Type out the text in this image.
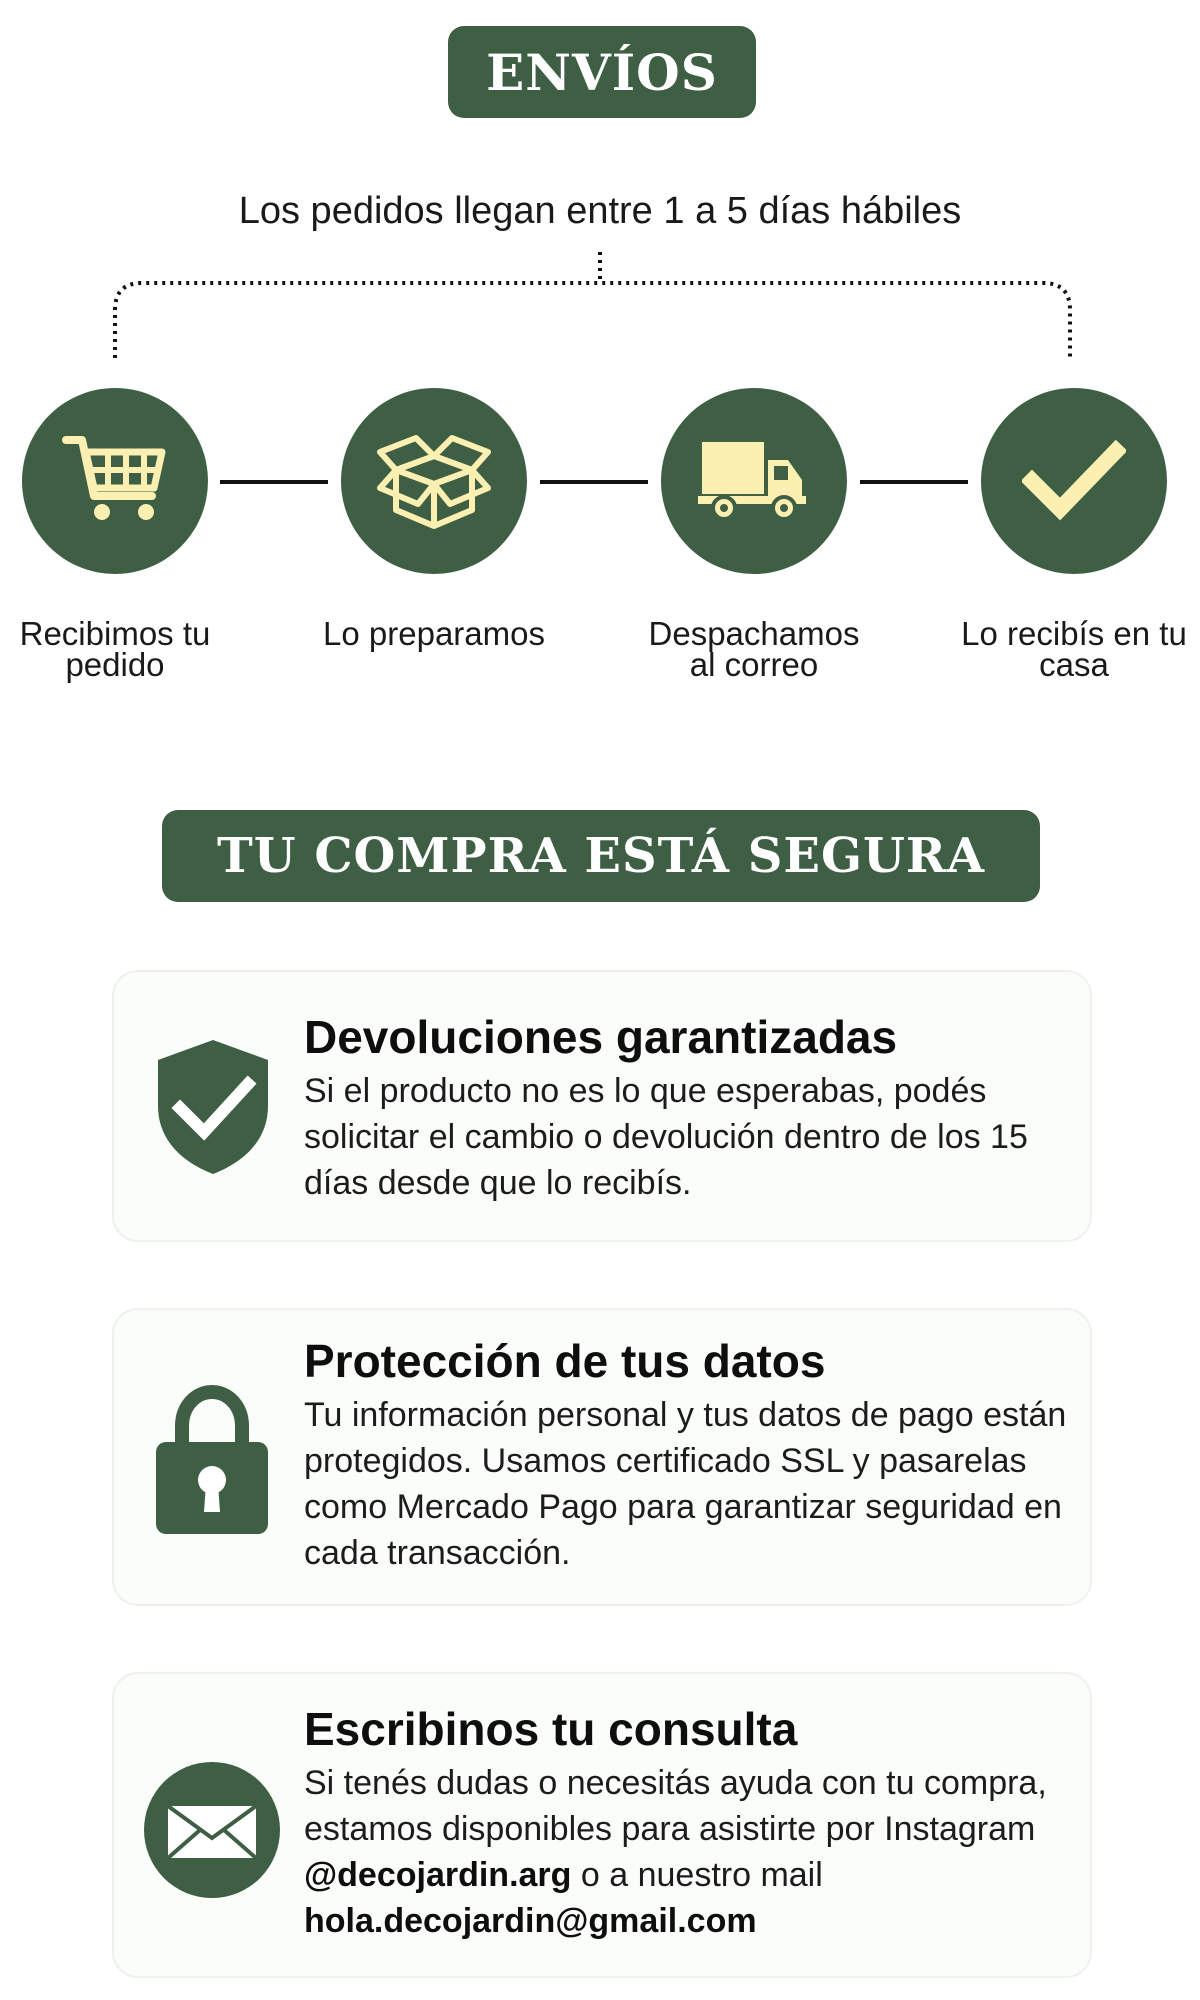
ENVÍOS
Los pedidos llegan entre 1 a 5 días hábiles
Recibimos tu
pedido
Lo preparamos	Despachamos
al correo
Lo recibís en tu
casa
TU COMPRA ESTÁ SEGURA
Devoluciones garantizadas
Si el producto no es lo que esperabas, podés solicitar el cambio o devolución dentro de los 15 días desde que lo recibís.
Protección de tus datos
Tu información personal y tus datos de pago están protegidos. Usamos certificado SSL y pasarelas como Mercado Pago para garantizar seguridad en cada transacción.
Escribinos tu consulta
Si tenés dudas o necesitás ayuda con tu compra, estamos disponibles para asistirte por Instagram @decojardin.arg o a nuestro mail hola.decojardin@gmail.com
